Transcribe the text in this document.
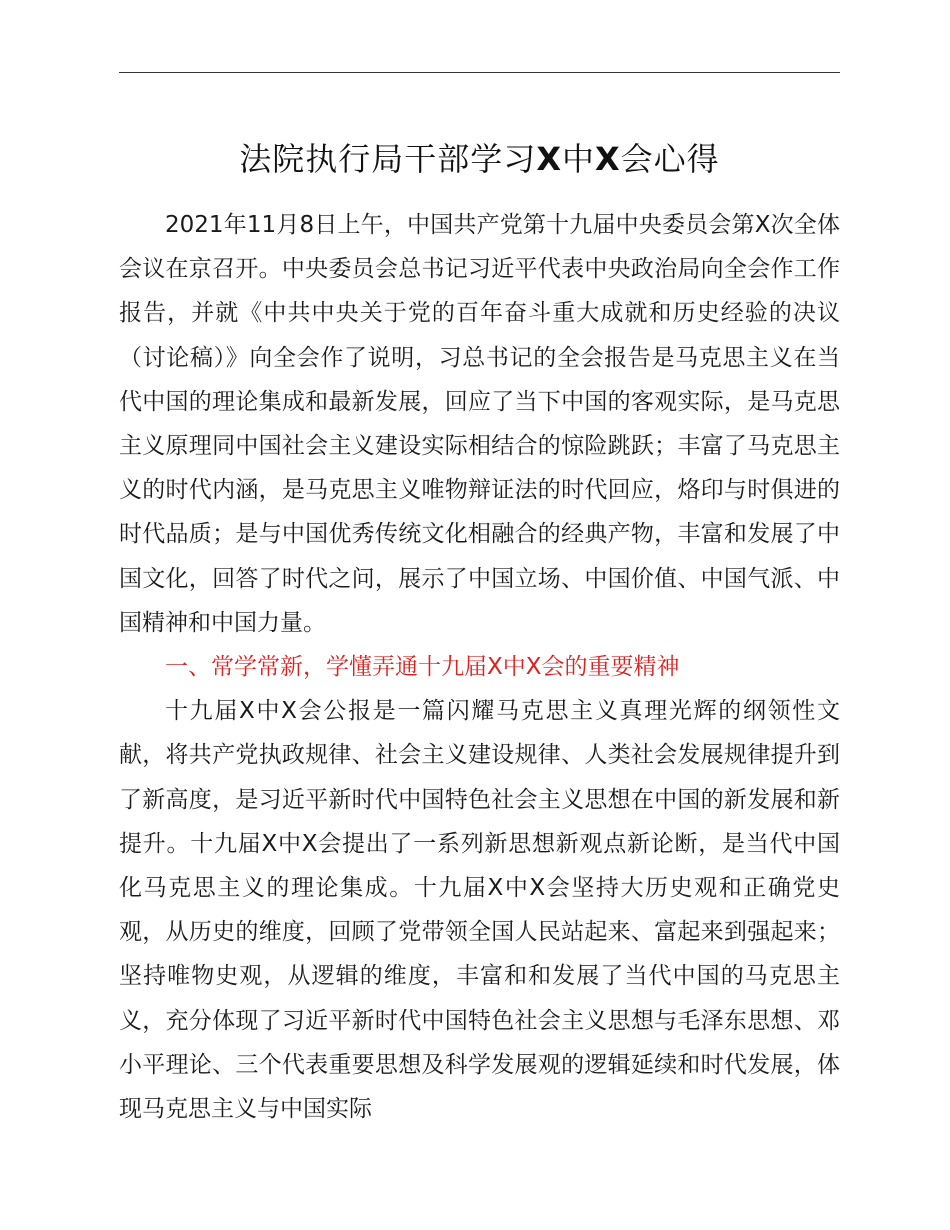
法院执行局干部学习X中X会心得

2021年11月8日上午，中国共产党第十九届中央委员会第X次全体会议在京召开。中央委员会总书记习近平代表中央政治局向全会作工作报告，并就《中共中央关于党的百年奋斗重大成就和历史经验的决议（讨论稿）》向全会作了说明，习总书记的全会报告是马克思主义在当代中国的理论集成和最新发展，回应了当下中国的客观实际，是马克思主义原理同中国社会主义建设实际相结合的惊险跳跃；丰富了马克思主义的时代内涵，是马克思主义唯物辩证法的时代回应，烙印与时俱进的时代品质；是与中国优秀传统文化相融合的经典产物，丰富和发展了中国文化，回答了时代之问，展示了中国立场、中国价值、中国气派、中国精神和中国力量。

一、常学常新，学懂弄通十九届X中X会的重要精神

十九届X中X会公报是一篇闪耀马克思主义真理光辉的纲领性文献，将共产党执政规律、社会主义建设规律、人类社会发展规律提升到了新高度，是习近平新时代中国特色社会主义思想在中国的新发展和新提升。十九届X中X会提出了一系列新思想新观点新论断，是当代中国化马克思主义的理论集成。十九届X中X会坚持大历史观和正确党史观，从历史的维度，回顾了党带领全国人民站起来、富起来到强起来；坚持唯物史观，从逻辑的维度，丰富和和发展了当代中国的马克思主义，充分体现了习近平新时代中国特色社会主义思想与毛泽东思想、邓小平理论、三个代表重要思想及科学发展观的逻辑延续和时代发展，体现马克思主义与中国实际
